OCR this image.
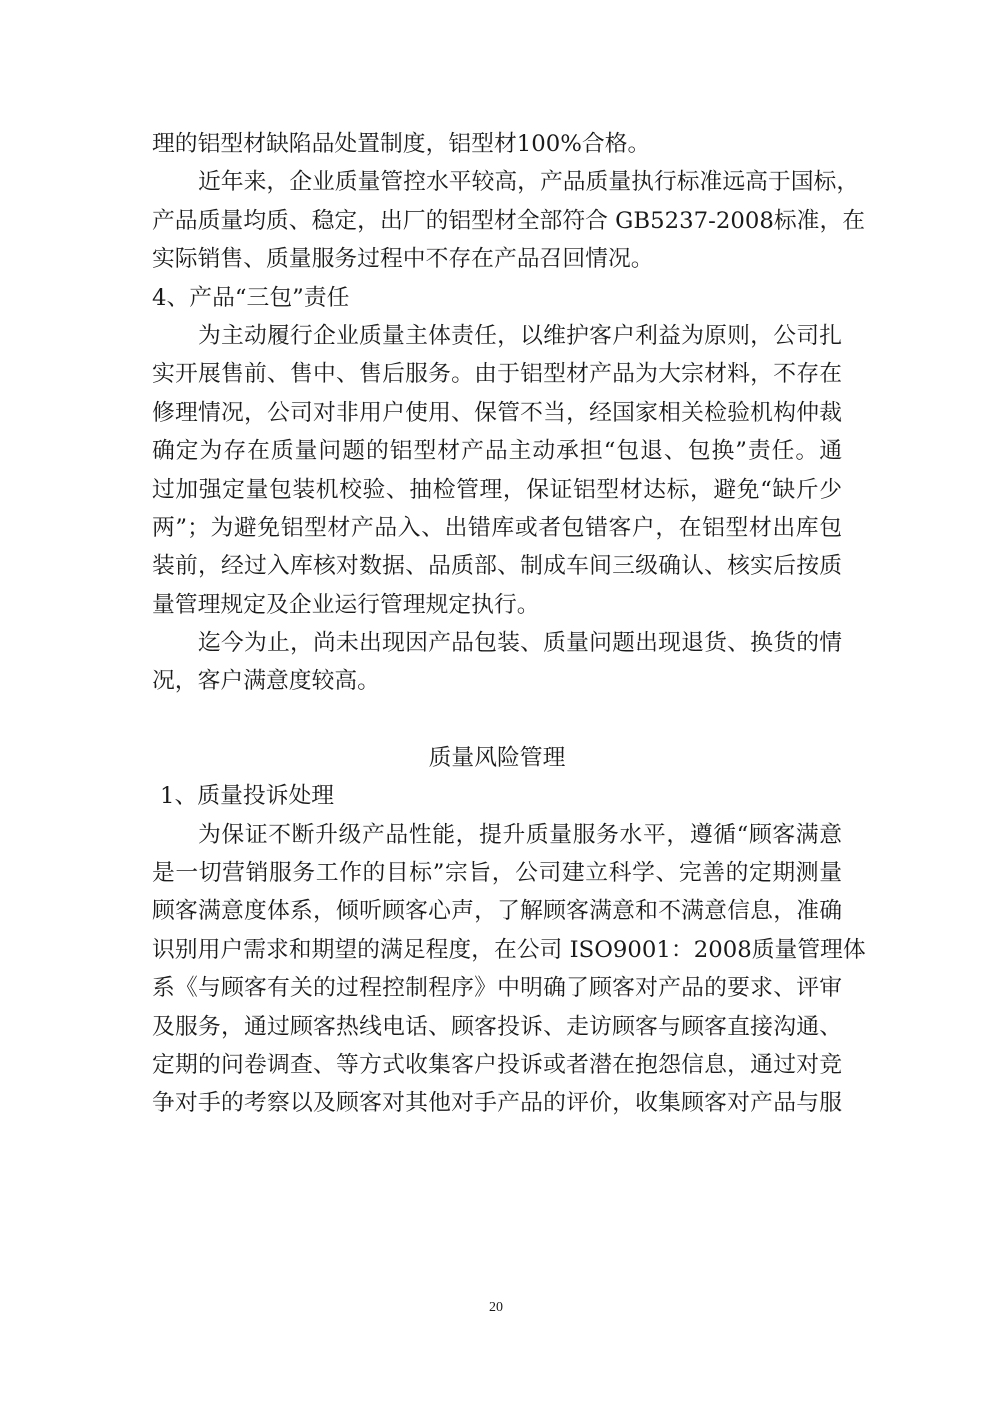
理的铝型材缺陷品处置制度，铝型材100%合格。
近年来，企业质量管控水平较高，产品质量执行标准远高于国标，
产品质量均质、稳定，出厂的铝型材全部符合 GB5237-2008标准，在
实际销售、质量服务过程中不存在产品召回情况。
4、产品“三包”责任
为主动履行企业质量主体责任，以维护客户利益为原则，公司扎
实开展售前、售中、售后服务。由于铝型材产品为大宗材料，不存在
修理情况，公司对非用户使用、保管不当，经国家相关检验机构仲裁
确定为存在质量问题的铝型材产品主动承担“包退、包换”责任。通
过加强定量包装机校验、抽检管理，保证铝型材达标，避免“缺斤少
两”；为避免铝型材产品入、出错库或者包错客户，在铝型材出库包
装前，经过入库核对数据、品质部、制成车间三级确认、核实后按质
量管理规定及企业运行管理规定执行。
迄今为止，尚未出现因产品包装、质量问题出现退货、换货的情
况，客户满意度较高。
质量风险管理
1、质量投诉处理
为保证不断升级产品性能，提升质量服务水平，遵循“顾客满意
是一切营销服务工作的目标”宗旨，公司建立科学、完善的定期测量
顾客满意度体系，倾听顾客心声，了解顾客满意和不满意信息，准确
识别用户需求和期望的满足程度，在公司 ISO9001：2008质量管理体
系《与顾客有关的过程控制程序》中明确了顾客对产品的要求、评审
及服务，通过顾客热线电话、顾客投诉、走访顾客与顾客直接沟通、
定期的问卷调查、等方式收集客户投诉或者潜在抱怨信息，通过对竞
争对手的考察以及顾客对其他对手产品的评价，收集顾客对产品与服
20
